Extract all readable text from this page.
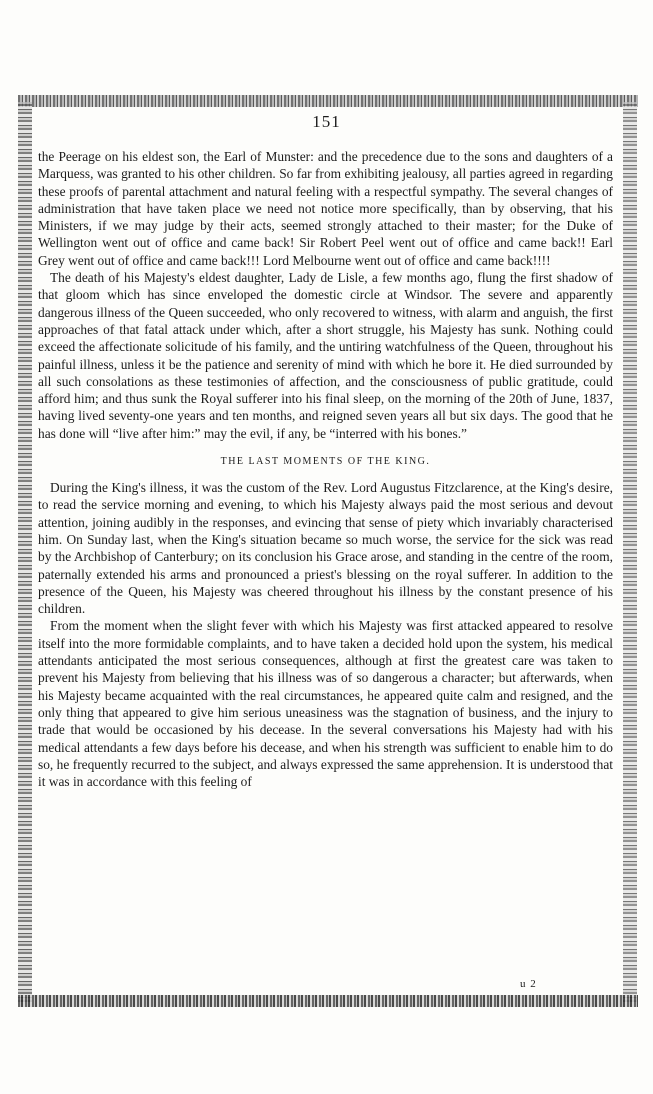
151

the Peerage on his eldest son, the Earl of Munster: and the precedence due to the sons and daughters of a Marquess, was granted to his other children. So far from exhibiting jealousy, all parties agreed in regarding these proofs of parental attachment and natural feeling with a respectful sympathy. The several changes of administration that have taken place we need not notice more specifically, than by observing, that his Ministers, if we may judge by their acts, seemed strongly attached to their master; for the Duke of Wellington went out of office and came back! Sir Robert Peel went out of office and came back!! Earl Grey went out of office and came back!!! Lord Melbourne went out of office and came back!!!!

The death of his Majesty's eldest daughter, Lady de Lisle, a few months ago, flung the first shadow of that gloom which has since enveloped the domestic circle at Windsor. The severe and apparently dangerous illness of the Queen succeeded, who only recovered to witness, with alarm and anguish, the first approaches of that fatal attack under which, after a short struggle, his Majesty has sunk. Nothing could exceed the affectionate solicitude of his family, and the untiring watchfulness of the Queen, throughout his painful illness, unless it be the patience and serenity of mind with which he bore it. He died surrounded by all such consolations as these testimonies of affection, and the consciousness of public gratitude, could afford him; and thus sunk the Royal sufferer into his final sleep, on the morning of the 20th of June, 1837, having lived seventy-one years and ten months, and reigned seven years all but six days. The good that he has done will “live after him:” may the evil, if any, be “interred with his bones.”

THE LAST MOMENTS OF THE KING.

During the King's illness, it was the custom of the Rev. Lord Augustus Fitzclarence, at the King's desire, to read the service morning and evening, to which his Majesty always paid the most serious and devout attention, joining audibly in the responses, and evincing that sense of piety which invariably characterised him. On Sunday last, when the King's situation became so much worse, the service for the sick was read by the Archbishop of Canterbury; on its conclusion his Grace arose, and standing in the centre of the room, paternally extended his arms and pronounced a priest's blessing on the royal sufferer. In addition to the presence of the Queen, his Majesty was cheered throughout his illness by the constant presence of his children.

From the moment when the slight fever with which his Majesty was first attacked appeared to resolve itself into the more formidable complaints, and to have taken a decided hold upon the system, his medical attendants anticipated the most serious consequences, although at first the greatest care was taken to prevent his Majesty from believing that his illness was of so dangerous a character; but afterwards, when his Majesty became acquainted with the real circumstances, he appeared quite calm and resigned, and the only thing that appeared to give him serious uneasiness was the stagnation of business, and the injury to trade that would be occasioned by his decease. In the several conversations his Majesty had with his medical attendants a few days before his decease, and when his strength was sufficient to enable him to do so, he frequently recurred to the subject, and always expressed the same apprehension. It is understood that it was in accordance with this feeling of

u 2
